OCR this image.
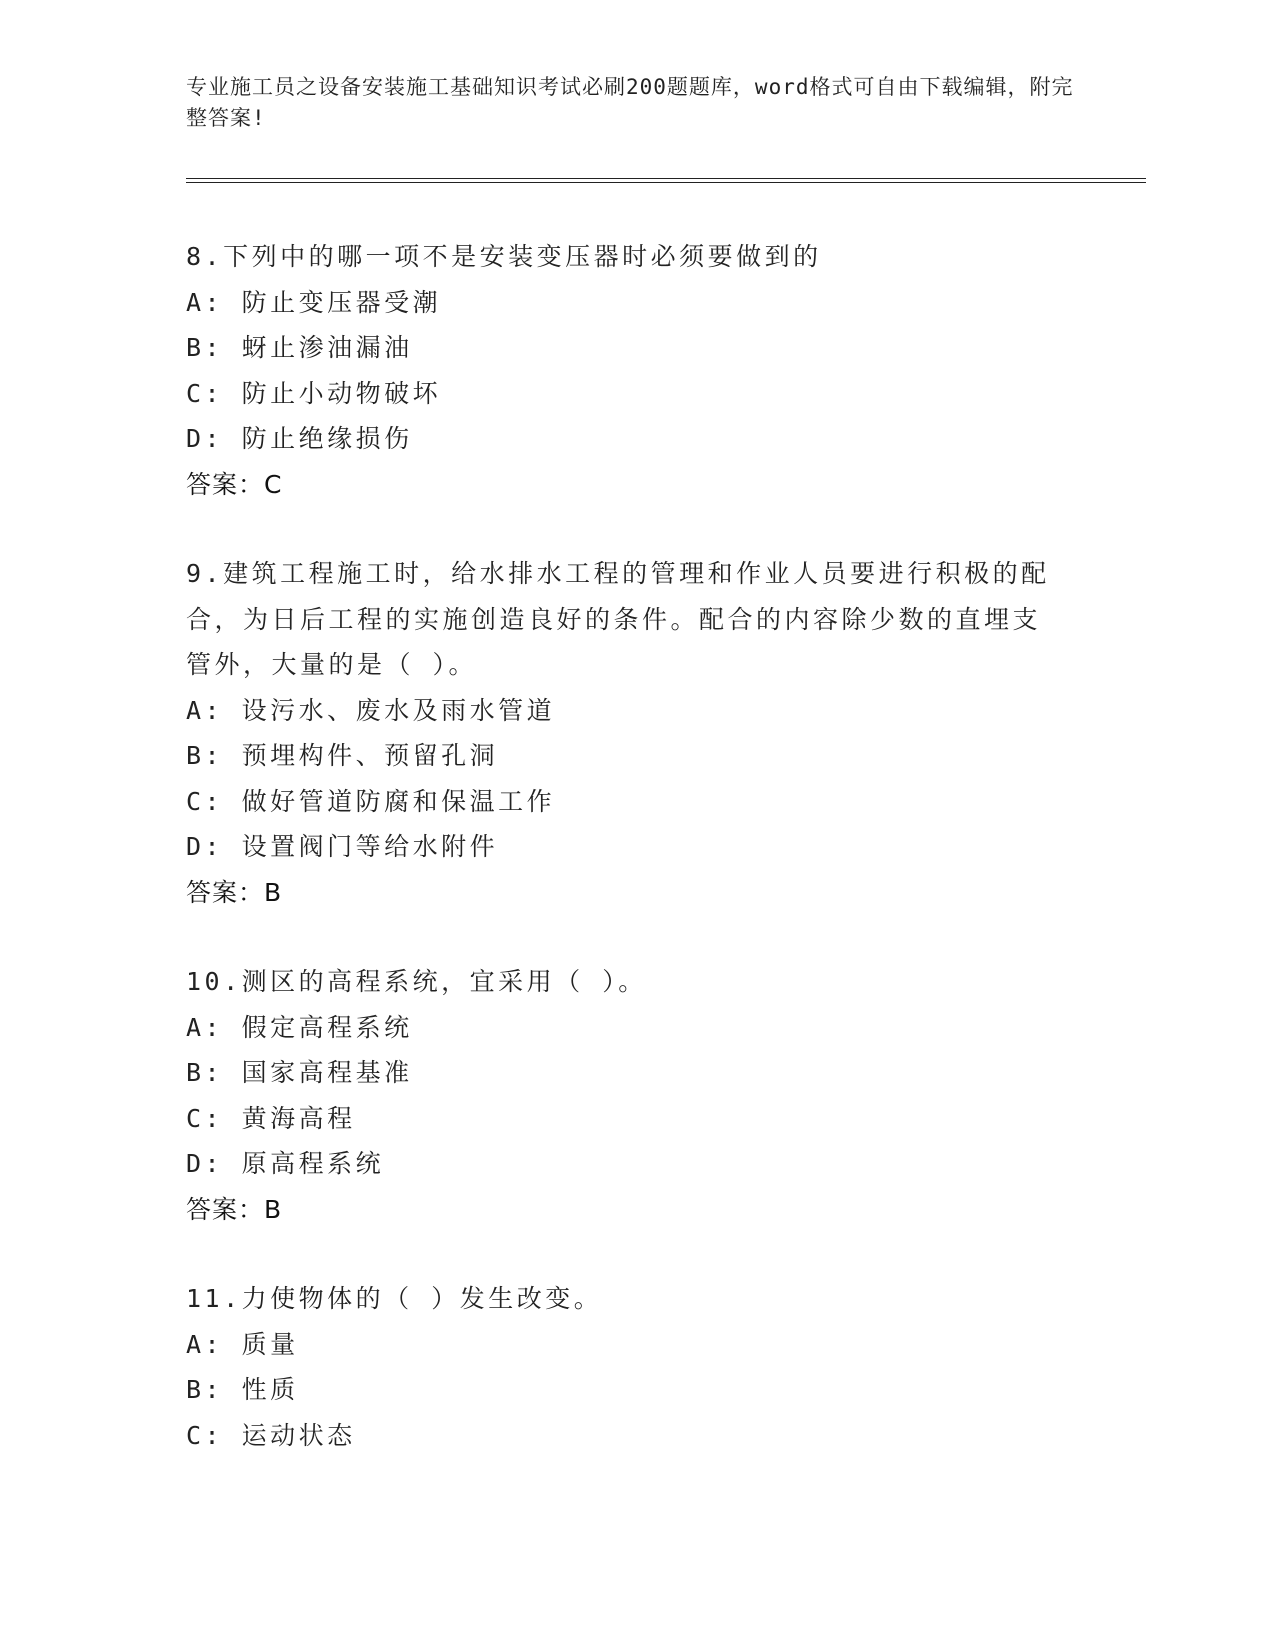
专业施工员之设备安装施工基础知识考试必刷200题题库，word格式可自由下载编辑，附完整答案!
8.下列中的哪一项不是安装变压器时必须要做到的
A: 防止变压器受潮
B: 蚜止渗油漏油
C: 防止小动物破坏
D: 防止绝缘损伤
答案：C
9.建筑工程施工时，给水排水工程的管理和作业人员要进行积极的配合，为日后工程的实施创造良好的条件。配合的内容除少数的直埋支管外，大量的是（ ）。
A: 设污水、废水及雨水管道
B: 预埋构件、预留孔洞
C: 做好管道防腐和保温工作
D: 设置阀门等给水附件
答案：B
10.测区的高程系统，宜采用（ ）。
A: 假定高程系统
B: 国家高程基准
C: 黄海高程
D: 原高程系统
答案：B
11.力使物体的（ ）发生改变。
A: 质量
B: 性质
C: 运动状态
